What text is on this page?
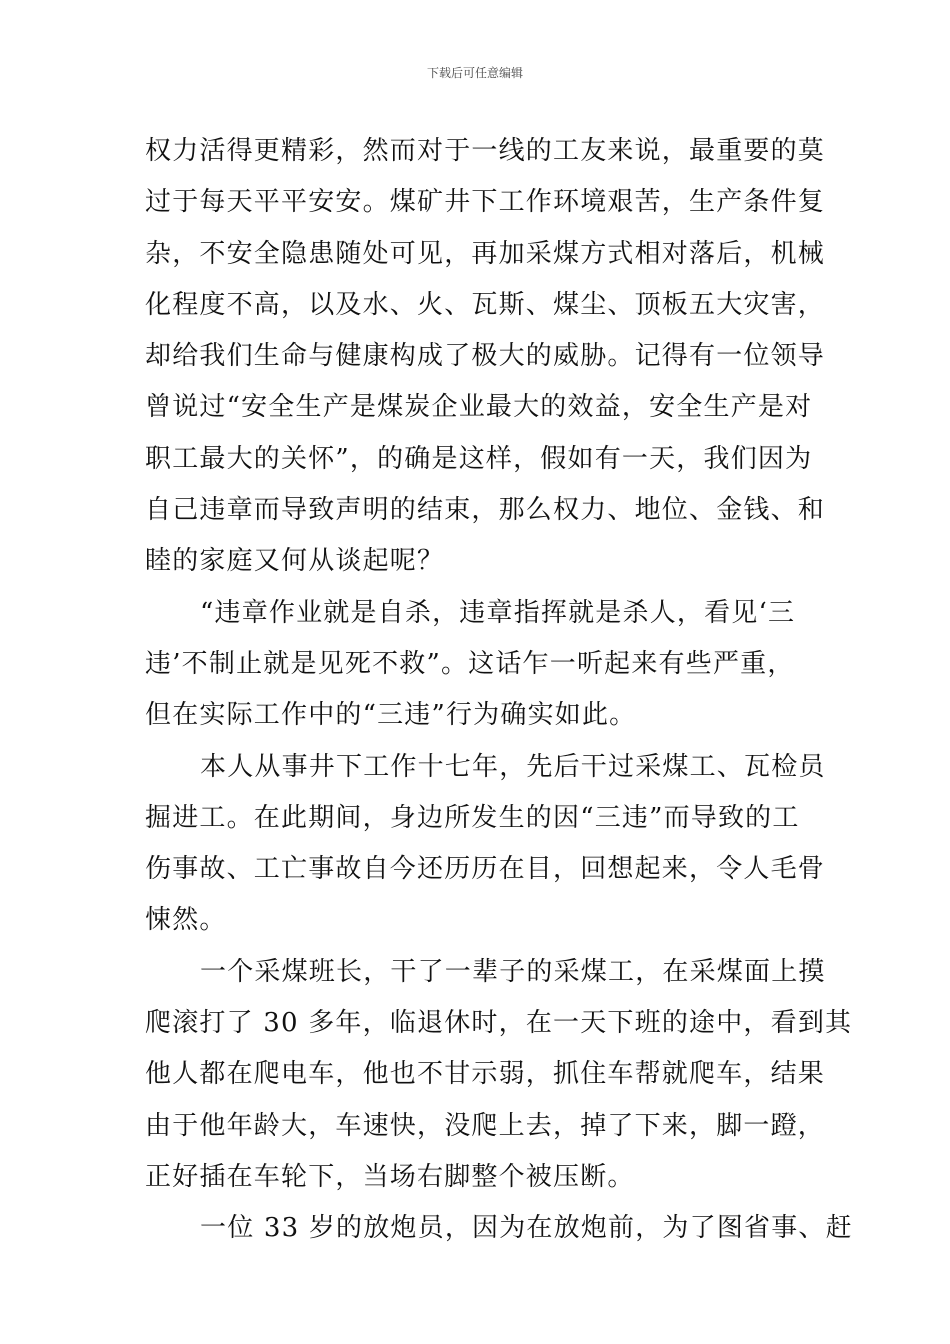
下载后可任意编辑
权力活得更精彩，然而对于一线的工友来说，最重要的莫
过于每天平平安安。煤矿井下工作环境艰苦，生产条件复
杂，不安全隐患随处可见，再加采煤方式相对落后，机械
化程度不高，以及水、火、瓦斯、煤尘、顶板五大灾害，
却给我们生命与健康构成了极大的威胁。记得有一位领导
曾说过“安全生产是煤炭企业最大的效益，安全生产是对
职工最大的关怀”，的确是这样，假如有一天，我们因为
自己违章而导致声明的结束，那么权力、地位、金钱、和
睦的家庭又何从谈起呢？
“违章作业就是自杀，违章指挥就是杀人，看见‘三
违’不制止就是见死不救”。这话乍一听起来有些严重，
但在实际工作中的“三违”行为确实如此。
本人从事井下工作十七年，先后干过采煤工、瓦检员
掘进工。在此期间，身边所发生的因“三违”而导致的工
伤事故、工亡事故自今还历历在目，回想起来，令人毛骨
悚然。
一个采煤班长，干了一辈子的采煤工，在采煤面上摸
爬滚打了 30 多年，临退休时，在一天下班的途中，看到其
他人都在爬电车，他也不甘示弱，抓住车帮就爬车，结果
由于他年龄大，车速快，没爬上去，掉了下来，脚一蹬，
正好插在车轮下，当场右脚整个被压断。
一位 33 岁的放炮员，因为在放炮前，为了图省事、赶
